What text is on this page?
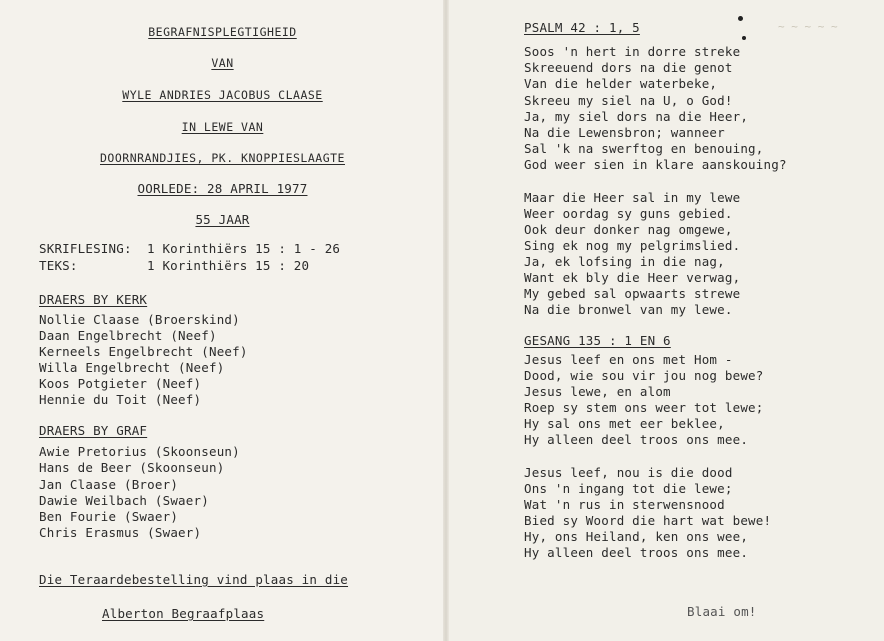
BEGRAFNISPLEGTIGHEID
VAN
WYLE ANDRIES JACOBUS CLAASE
IN LEWE VAN
DOORNRANDJIES, PK. KNOPPIESLAAGTE
OORLEDE: 28 APRIL 1977
55 JAAR
SKRIFLESING: 1 Korinthiërs 15 : 1 - 26
TEKS:	1 Korinthiërs 15 : 20
DRAERS BY KERK
Nollie Claase (Broerskind)
Daan Engelbrecht (Neef)
Kerneels Engelbrecht (Neef)
Willa Engelbrecht (Neef)
Koos Potgieter (Neef)
Hennie du Toit (Neef)
DRAERS BY GRAF
Awie Pretorius (Skoonseun)
Hans de Beer (Skoonseun)
Jan Claase (Broer)
Dawie Weilbach (Swaer)
Ben Fourie (Swaer)
Chris Erasmus (Swaer)
Die Teraardebestelling vind plaas in die
Alberton Begraafplaas
PSALM 42 : 1, 5	~ ~ ~ ~ ~
Soos 'n hert in dorre streke
Skreeuend dors na die genot
Van die helder waterbeke,
Skreeu my siel na U, o God!
Ja, my siel dors na die Heer,
Na die Lewensbron; wanneer
Sal 'k na swerftog en benouing,
God weer sien in klare aanskouing?
Maar die Heer sal in my lewe
Weer oordag sy guns gebied.
Ook deur donker nag omgewe,
Sing ek nog my pelgrimslied.
Ja, ek lofsing in die nag,
Want ek bly die Heer verwag,
My gebed sal opwaarts strewe
Na die bronwel van my lewe.
GESANG 135 : 1 EN 6
Jesus leef en ons met Hom -
Dood, wie sou vir jou nog bewe?
Jesus lewe, en alom
Roep sy stem ons weer tot lewe;
Hy sal ons met eer beklee,
Hy alleen deel troos ons mee.
Jesus leef, nou is die dood
Ons 'n ingang tot die lewe;
Wat 'n rus in sterwensnood
Bied sy Woord die hart wat bewe!
Hy, ons Heiland, ken ons wee,
Hy alleen deel troos ons mee.
Blaai om!
